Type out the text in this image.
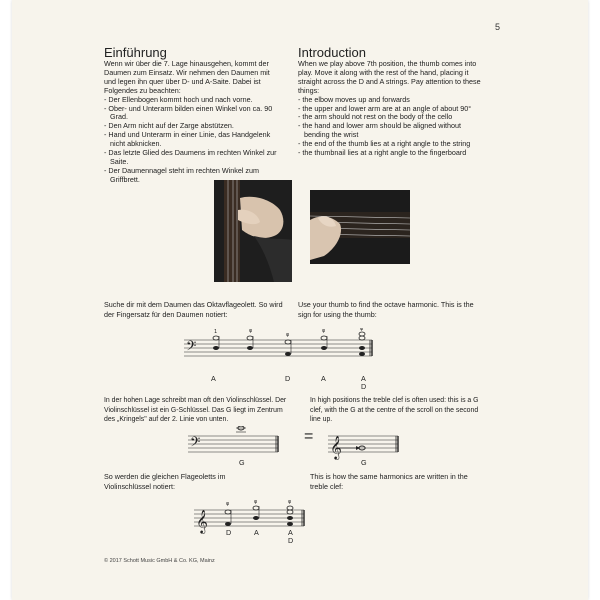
5
Einführung	Introduction

Wenn wir über die 7. Lage hinausgehen, kommt der Daumen zum Einsatz. Wir nehmen den Daumen mit und legen ihn quer über D- und A-Saite. Dabei ist Folgendes zu beachten:

- Der Ellenbogen kommt hoch und nach vorne.
- Ober- und Unterarm bilden einen Winkel von ca. 90 Grad.
- Den Arm nicht auf der Zarge abstützen.
- Hand und Unterarm in einer Linie, das Handgelenk nicht abknicken.
- Das letzte Glied des Daumens im rechten Winkel zur Saite.
- Der Daumennagel steht im rechten Winkel zum Griffbrett.

When we play above 7th position, the thumb comes into play. Move it along with the rest of the hand, placing it straight across the D and A strings. Pay attention to these things:

- the elbow moves up and forwards
- the upper and lower arm are at an angle of about 90°
- the arm should not rest on the body of the cello
- the hand and lower arm should be aligned without bending the wrist
- the end of the thumb lies at a right angle to the string
- the thumbnail lies at a right angle to the fingerboard
Suche dir mit dem Daumen das Oktavflageolett. So wird der Fingersatz für den Daumen notiert:
Use your thumb to find the octave harmonic. This is the sign for using the thumb:
𝄢
1	φ
φ
φ	φ
A	D	A	A
D
In der hohen Lage schreibt man oft den Violinschlüssel. Der Violinschlüssel ist ein G-Schlüssel. Das G liegt im Zentrum des „Kringels" auf der 2. Linie von unten.
In high positions the treble clef is often used: this is a G clef, with the G at the centre of the scroll on the second line up.
𝄢
G
= 𝄞
G
So werden die gleichen Flageoletts im Violinschlüssel notiert:
This is how the same harmonics are written in the treble clef:
𝄞
φ	φ	φ
D	A	A
D
© 2017 Schott Music GmbH & Co. KG, Mainz
